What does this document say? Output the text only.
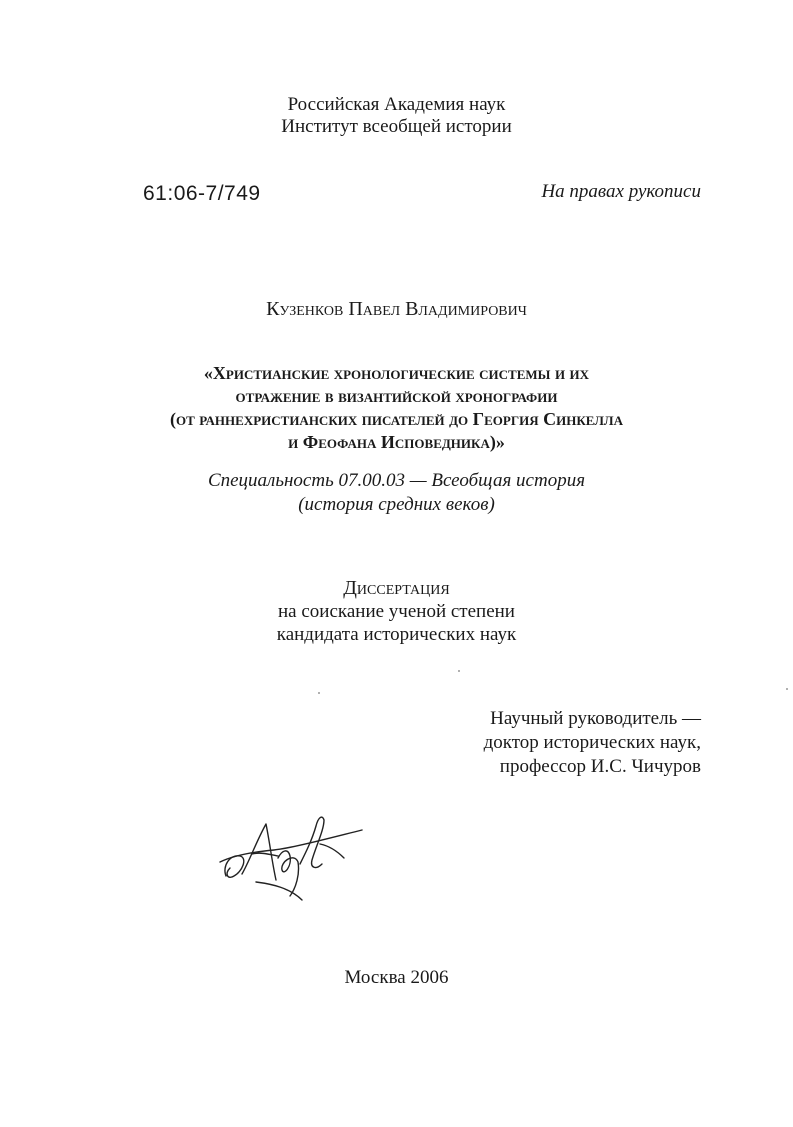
Российская Академия наук
Институт всеобщей истории
61:06-7/749	На правах рукописи
Кузенков Павел Владимирович
«Христианские хронологические системы и их
отражение в византийской хронографии
(от раннехристианских писателей до Георгия Синкелла
и Феофана Исповедника)»
Специальность 07.00.03 — Всеобщая история
(история средних веков)
Диссертация
на соискание ученой степени
кандидата исторических наук
Научный руководитель —
доктор исторических наук,
профессор И.С. Чичуров
Москва 2006
